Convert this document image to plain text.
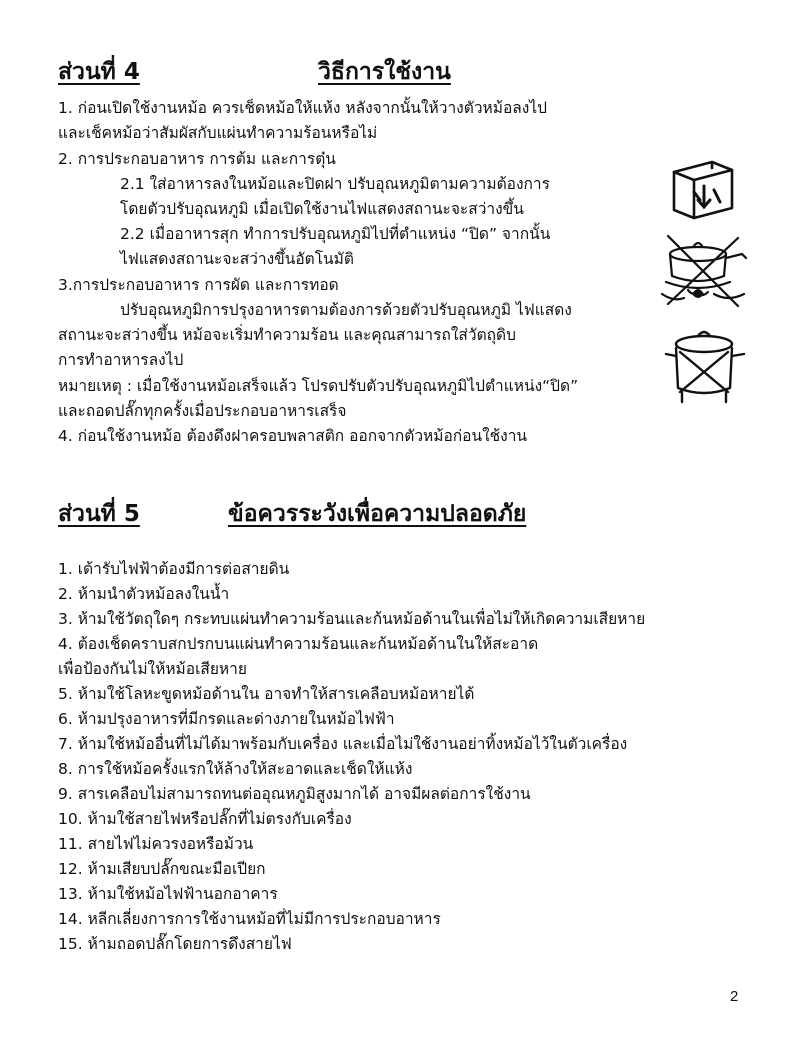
ส่วนที่ 4	วิธีการใช้งาน

1. ก่อนเปิดใช้งานหม้อ ควรเช็ดหม้อให้แห้ง หลังจากนั้นให้วางตัวหม้อลงไป

และเช็คหม้อว่าสัมผัสกับแผ่นทำความร้อนหรือไม่

2. การประกอบอาหาร การต้ม และการตุ๋น

2.1 ใส่อาหารลงในหม้อและปิดฝา ปรับอุณหภูมิตามความต้องการ

โดยตัวปรับอุณหภูมิ เมื่อเปิดใช้งานไฟแสดงสถานะจะสว่างขึ้น

2.2 เมื่ออาหารสุก ทำการปรับอุณหภูมิไปที่ตำแหน่ง “ปิด” จากนั้น

ไฟแสดงสถานะจะสว่างขึ้นอัตโนมัติ

3.การประกอบอาหาร การผัด และการทอด

ปรับอุณหภูมิการปรุงอาหารตามต้องการด้วยตัวปรับอุณหภูมิ ไฟแสดง

สถานะจะสว่างขึ้น หม้อจะเริ่มทำความร้อน และคุณสามารถใส่วัตถุดิบ

การทำอาหารลงไป

หมายเหตุ : เมื่อใช้งานหม้อเสร็จแล้ว โปรดปรับตัวปรับอุณหภูมิไปตำแหน่ง“ปิด”

และถอดปลั๊กทุกครั้งเมื่อประกอบอาหารเสร็จ

4. ก่อนใช้งานหม้อ ต้องดึงฝาครอบพลาสติก ออกจากตัวหม้อก่อนใช้งาน

ส่วนที่ 5	ข้อควรระวังเพื่อความปลอดภัย

1. เต้ารับไฟฟ้าต้องมีการต่อสายดิน

2. ห้ามนำตัวหม้อลงในน้ำ

3. ห้ามใช้วัตถุใดๆ กระทบแผ่นทำความร้อนและก้นหม้อด้านในเพื่อไม่ให้เกิดความเสียหาย

4. ต้องเช็ดคราบสกปรกบนแผ่นทำความร้อนและก้นหม้อด้านในให้สะอาด

เพื่อป้องกันไม่ให้หม้อเสียหาย

5. ห้ามใช้โลหะขูดหม้อด้านใน อาจทำให้สารเคลือบหม้อหายได้

6. ห้ามปรุงอาหารที่มีกรดและด่างภายในหม้อไฟฟ้า

7. ห้ามใช้หม้ออื่นที่ไม่ได้มาพร้อมกับเครื่อง และเมื่อไม่ใช้งานอย่าทิ้งหม้อไว้ในตัวเครื่อง

8. การใช้หม้อครั้งแรกให้ล้างให้สะอาดและเช็ดให้แห้ง

9. สารเคลือบไม่สามารถทนต่ออุณหภูมิสูงมากได้ อาจมีผลต่อการใช้งาน

10. ห้ามใช้สายไฟหรือปลั๊กที่ไม่ตรงกับเครื่อง

11. สายไฟไม่ควรงอหรือม้วน

12. ห้ามเสียบปลั๊กขณะมือเปียก

13. ห้ามใช้หม้อไฟฟ้านอกอาคาร

14. หลีกเลี่ยงการการใช้งานหม้อที่ไม่มีการประกอบอาหาร

15. ห้ามถอดปลั๊กโดยการดึงสายไฟ

2
